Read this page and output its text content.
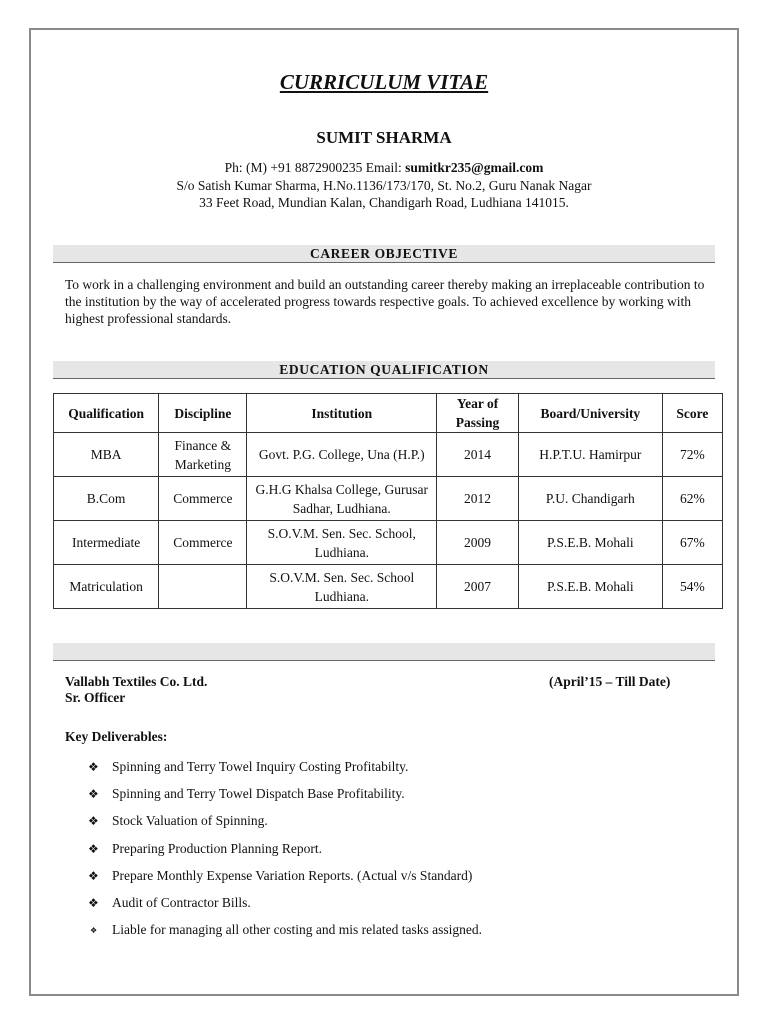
CURRICULUM VITAE
SUMIT SHARMA
Ph: (M) +91 8872900235 Email: sumitkr235@gmail.com
S/o Satish Kumar Sharma, H.No.1136/173/170, St. No.2, Guru Nanak Nagar
33 Feet Road, Mundian Kalan, Chandigarh Road, Ludhiana 141015.
CAREER OBJECTIVE
To work in a challenging environment and build an outstanding career thereby making an irreplaceable contribution to the institution by the way of accelerated progress towards respective goals. To achieved excellence by working with highest professional standards.
EDUCATION QUALIFICATION
Qualification	Discipline	Institution	Year of Passing	Board/University	Score
MBA	Finance & Marketing	Govt. P.G. College, Una (H.P.)	2014	H.P.T.U. Hamirpur	72%
B.Com	Commerce	G.H.G Khalsa College, Gurusar Sadhar, Ludhiana.	2012	P.U. Chandigarh	62%
Intermediate	Commerce	S.O.V.M. Sen. Sec. School, Ludhiana.	2009	P.S.E.B. Mohali	67%
Matriculation		S.O.V.M. Sen. Sec. School Ludhiana.	2007	P.S.E.B. Mohali	54%
Vallabh Textiles Co. Ltd.	(April’15 – Till Date)
Sr. Officer
Key Deliverables:
❖ Spinning and Terry Towel Inquiry Costing Profitabilty.
❖ Spinning and Terry Towel Dispatch Base Profitability.
❖ Stock Valuation of Spinning.
❖ Preparing Production Planning Report.
❖ Prepare Monthly Expense Variation Reports. (Actual v/s Standard)
❖ Audit of Contractor Bills.
❖ Liable for managing all other costing and mis related tasks assigned.
